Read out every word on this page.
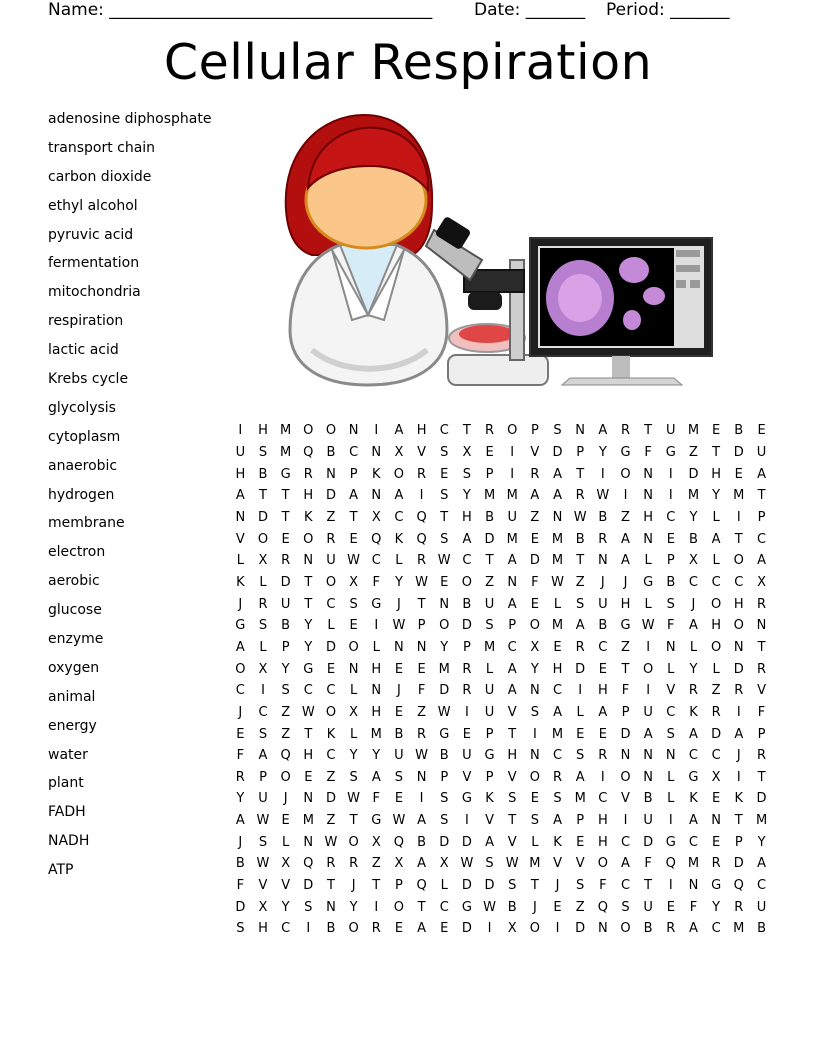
Name: ______________________________________ Date: _______ Period: _______
Cellular Respiration
adenosine diphosphate
transport chain
carbon dioxide
ethyl alcohol
pyruvic acid
fermentation
mitochondria
respiration
lactic acid
Krebs cycle
glycolysis
cytoplasm
anaerobic
hydrogen
membrane
electron
aerobic
glucose
enzyme
oxygen
animal
energy
water
plant
FADH
NADH
ATP
I	H	M	O	O	N	I	A	H	C	T	R	O	P	S	N	A	R	T	U	M	E	B	E
U	S	M	Q	B	C	N	X	V	S	X	E	I	V	D	P	Y	G	F	G	Z	T	D	U
H	B	G	R	N	P	K	O	R	E	S	P	I	R	A	T	I	O	N	I	D	H	E	A
A	T	T	H	D	A	N	A	I	S	Y	M	M	A	A	R	W	I	N	I	M	Y	M	T
N	D	T	K	Z	T	X	C	Q	T	H	B	U	Z	N	W	B	Z	H	C	Y	L	I	P
V	O	E	O	R	E	Q	K	Q	S	A	D	M	E	M	B	R	A	N	E	B	A	T	C
L	X	R	N	U	W	C	L	R	W	C	T	A	D	M	T	N	A	L	P	X	L	O	A
K	L	D	T	O	X	F	Y	W	E	O	Z	N	F	W	Z	J	J	G	B	C	C	C	X
J	R	U	T	C	S	G	J	T	N	B	U	A	E	L	S	U	H	L	S	J	O	H	R
G	S	B	Y	L	E	I	W	P	O	D	S	P	O	M	A	B	G	W	F	A	H	O	N
A	L	P	Y	D	O	L	N	N	Y	P	M	C	X	E	R	C	Z	I	N	L	O	N	T
O	X	Y	G	E	N	H	E	E	M	R	L	A	Y	H	D	E	T	O	L	Y	L	D	R
C	I	S	C	C	L	N	J	F	D	R	U	A	N	C	I	H	F	I	V	R	Z	R	V
J	C	Z	W	O	X	H	E	Z	W	I	U	V	S	A	L	A	P	U	C	K	R	I	F
E	S	Z	T	K	L	M	B	R	G	E	P	T	I	M	E	E	D	A	S	A	D	A	P
F	A	Q	H	C	Y	Y	U	W	B	U	G	H	N	C	S	R	N	N	N	C	C	J	R
R	P	O	E	Z	S	A	S	N	P	V	P	V	O	R	A	I	O	N	L	G	X	I	T
Y	U	J	N	D	W	F	E	I	S	G	K	S	E	S	M	C	V	B	L	K	E	K	D
A	W	E	M	Z	T	G	W	A	S	I	V	T	S	A	P	H	I	U	I	A	N	T	M
J	S	L	N	W	O	X	Q	B	D	D	A	V	L	K	E	H	C	D	G	C	E	P	Y
B	W	X	Q	R	R	Z	X	A	X	W	S	W	M	V	V	O	A	F	Q	M	R	D	A
F	V	V	D	T	J	T	P	Q	L	D	D	S	T	J	S	F	C	T	I	N	G	Q	C
D	X	Y	S	N	Y	I	O	T	C	G	W	B	J	E	Z	Q	S	U	E	F	Y	R	U
S	H	C	I	B	O	R	E	A	E	D	I	X	O	I	D	N	O	B	R	A	C	M	B
